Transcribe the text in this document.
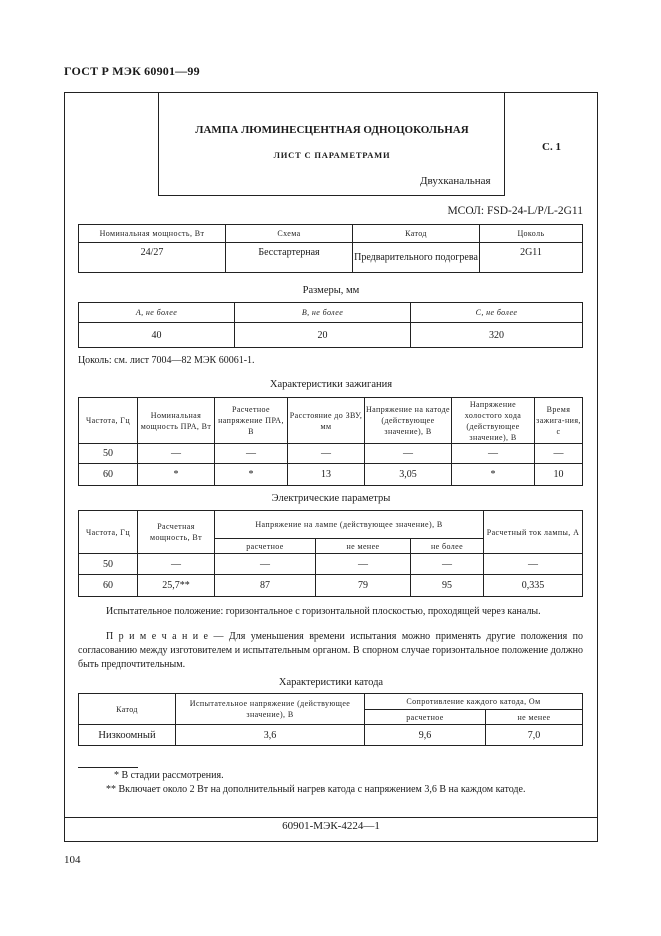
ГОСТ Р МЭК 60901—99
ЛАМПА ЛЮМИНЕСЦЕНТНАЯ ОДНОЦОКОЛЬНАЯ
ЛИСТ С ПАРАМЕТРАМИ
Двухканальная
С. 1
МСОЛ: FSD-24-L/P/L-2G11
Номинальная мощность, Вт	Схема	Катод	Цоколь
24/27	Бесстартерная	Предварительного подогрева	2G11
Размеры, мм
А, не более	В, не более	С, не более
40	20	320
Цоколь: см. лист 7004—82 МЭК 60061-1.
Характеристики зажигания
Частота, Гц	Номинальная мощность ПРА, Вт	Расчетное напряжение ПРА, В	Расстояние до ЗВУ, мм	Напряжение на катоде (действующее значение), В	Напряжение холостого хода (действующее значение), В	Время зажига-ния, с
50	—	—	—	—	—	—
60	*	*	13	3,05	*	10
Электрические параметры
Частота, Гц	Расчетная мощность, Вт	Напряжение на лампе (действующее значение), В			Расчетный ток лампы, А
		расчетное	не менее	не более	
50	—	—	—	—	—
60	25,7**	87	79	95	0,335
Испытательное положение: горизонтальное с горизонтальной плоскостью, проходящей через каналы.
П р и м е ч а н и е — Для уменьшения времени испытания можно применять другие положения по согласованию между изготовителем и испытательным органом. В спорном случае горизонтальное положение должно быть предпочтительным.
Характеристики катода
Катод	Испытательное напряжение (действующее значение), В	Сопротивление каждого катода, Ом	
		расчетное	не менее
Низкоомный	3,6	9,6	7,0
* В стадии рассмотрения.
** Включает около 2 Вт на дополнительный нагрев катода с напряжением 3,6 В на каждом катоде.
60901-МЭК-4224—1
104
